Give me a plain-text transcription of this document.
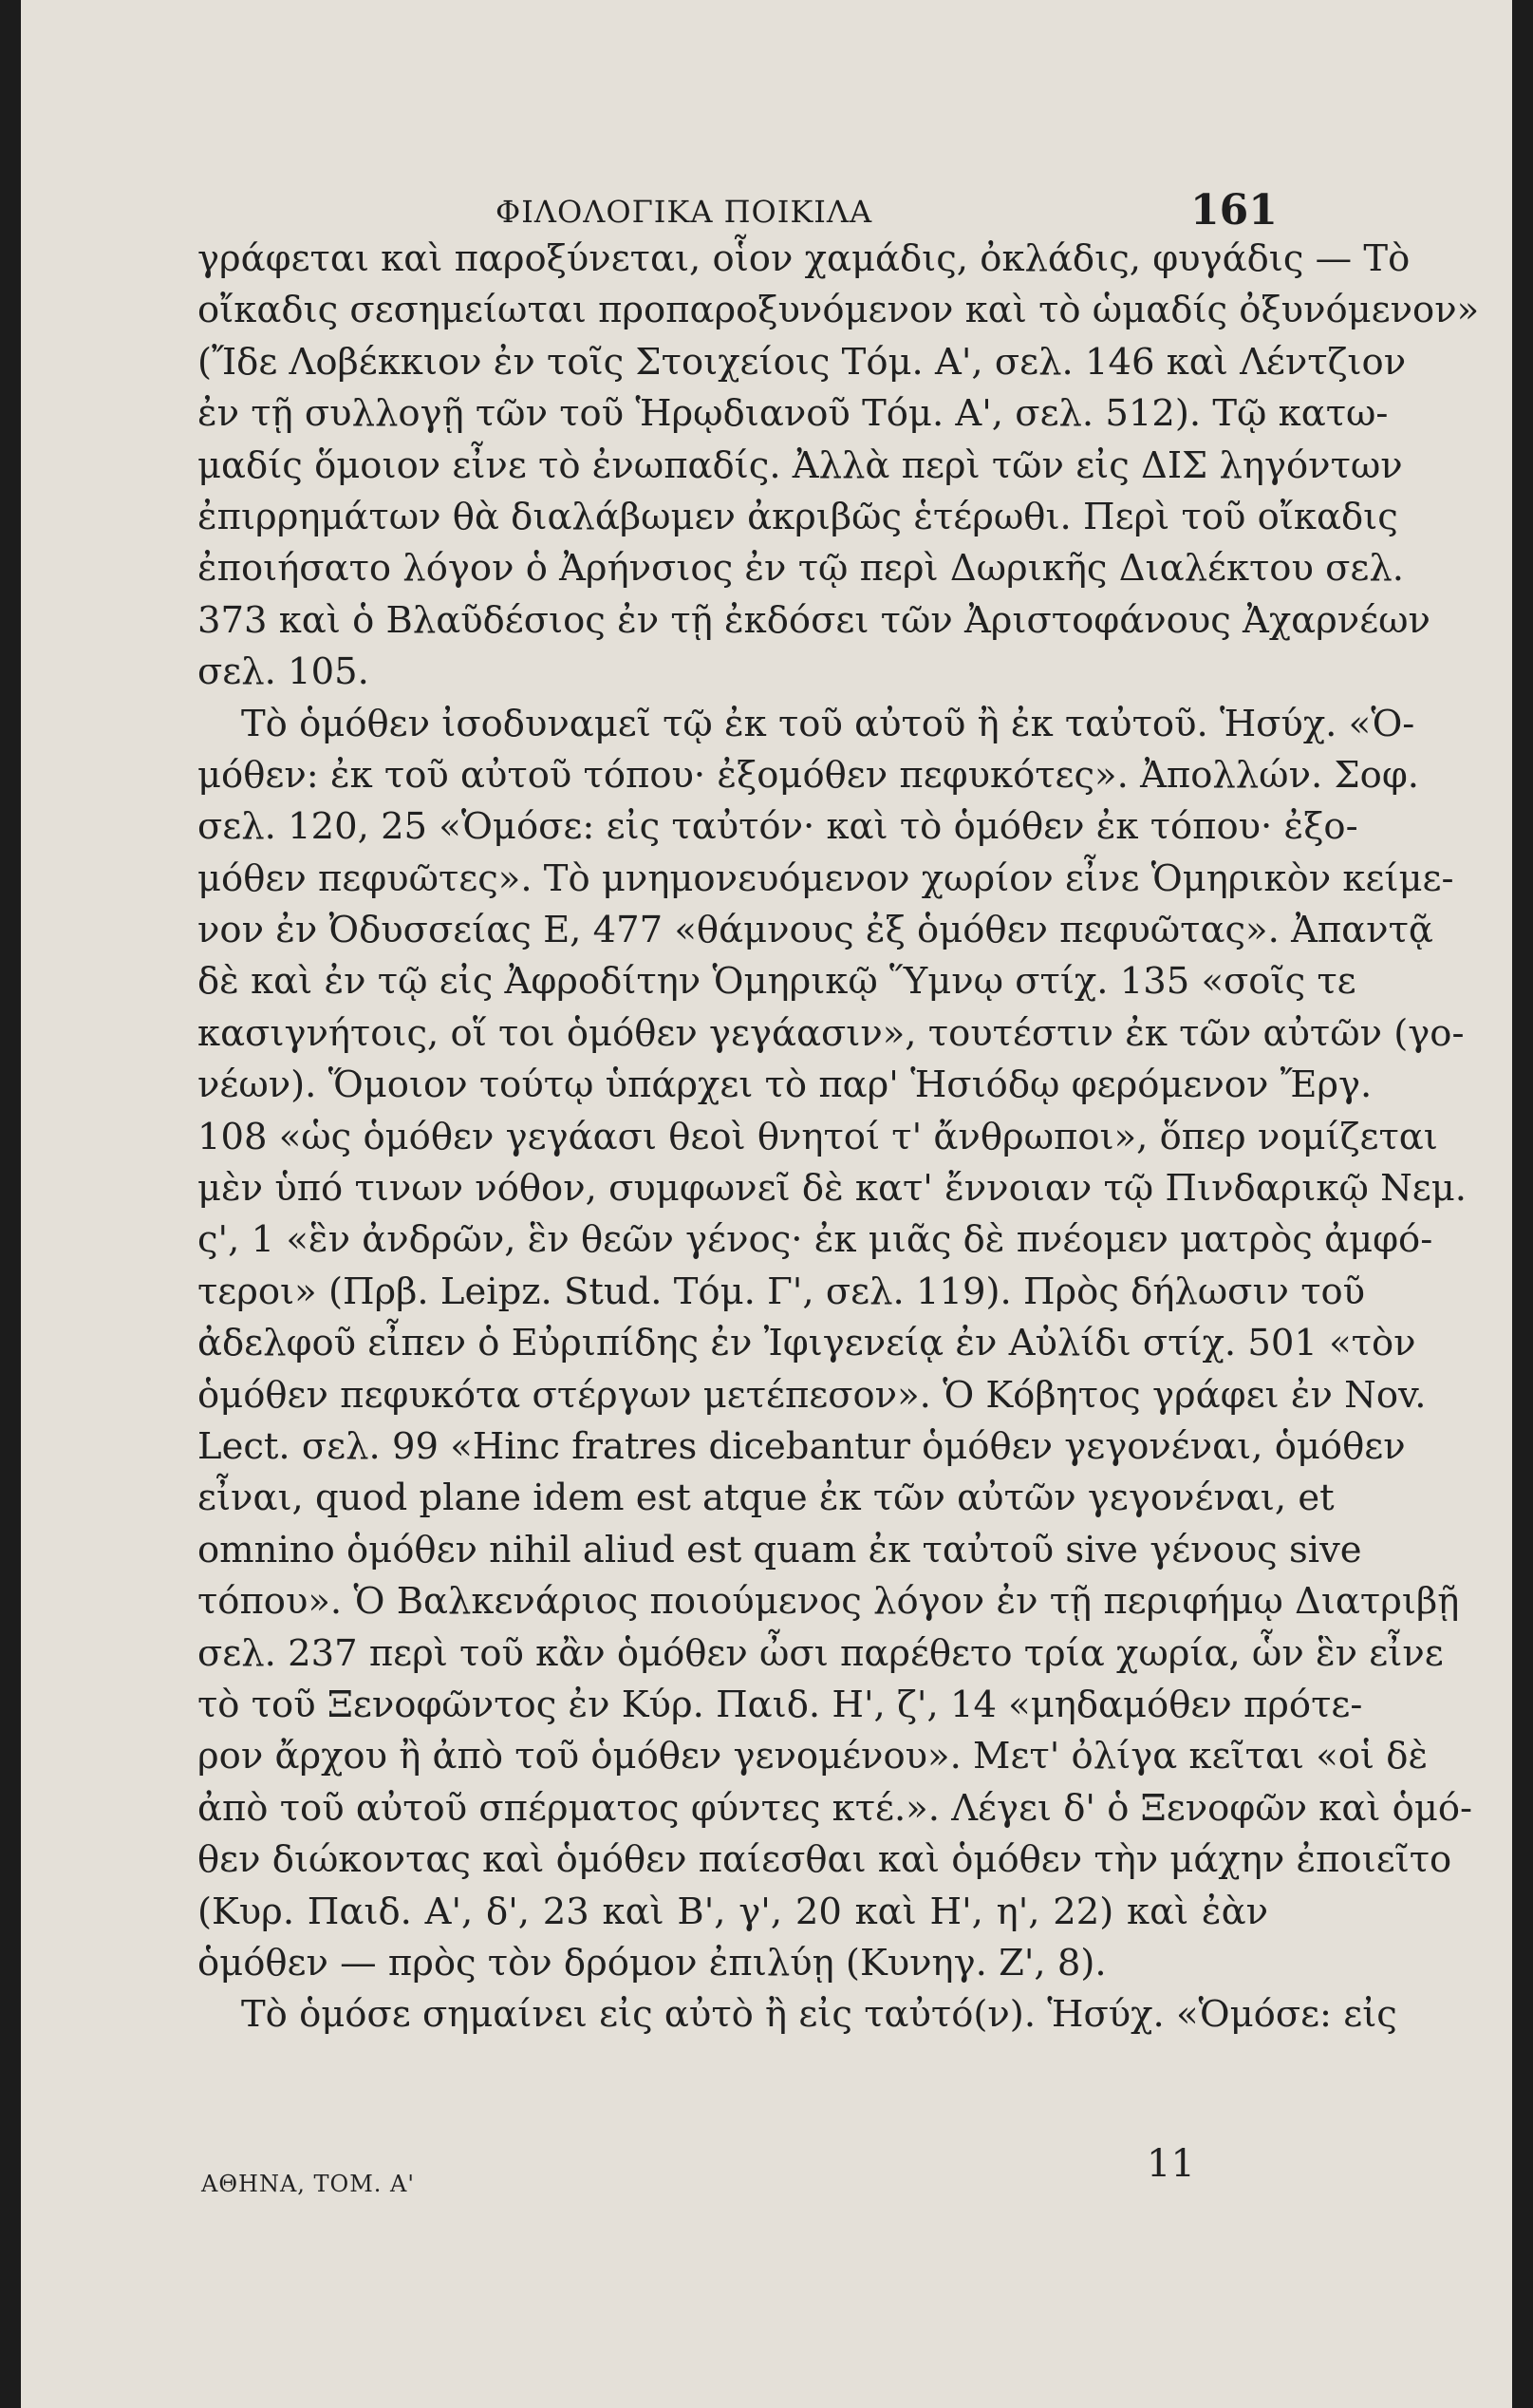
ΦΙΛΟΛΟΓΙΚΑ ΠΟΙΚΙΛΑ	161
γράφεται καὶ παροξύνεται, οἷον χαμάδις, ὀκλάδις, φυγάδις — Τὸ
οἴκαδις σεσημείωται προπαροξυνόμενον καὶ τὸ ὡμαδίς ὀξυνόμενον»
(Ἴδε Λοβέκκιον ἐν τοῖς Στοιχείοις Τόμ. Α', σελ. 146 καὶ Λέντζιον
ἐν τῇ συλλογῇ τῶν τοῦ Ἡρῳδιανοῦ Τόμ. Α', σελ. 512). Τῷ κατω-
μαδίς ὅμοιον εἶνε τὸ ἐνωπαδίς. Ἀλλὰ περὶ τῶν εἰς ΔΙΣ ληγόντων
ἐπιρρημάτων θὰ διαλάβωμεν ἀκριβῶς ἑτέρωθι. Περὶ τοῦ οἴκαδις
ἐποιήσατο λόγον ὁ Ἀρήνσιος ἐν τῷ περὶ Δωρικῆς Διαλέκτου σελ.
373 καὶ ὁ Βλαῦδέσιος ἐν τῇ ἐκδόσει τῶν Ἀριστοφάνους Ἀχαρνέων
σελ. 105.
Τὸ ὁμόθεν ἰσοδυναμεῖ τῷ ἐκ τοῦ αὐτοῦ ἢ ἐκ ταὐτοῦ. Ἡσύχ. «Ὁ-
μόθεν: ἐκ τοῦ αὐτοῦ τόπου· ἐξομόθεν πεφυκότες». Ἀπολλών. Σοφ.
σελ. 120, 25 «Ὁμόσε: εἰς ταὐτόν· καὶ τὸ ὁμόθεν ἐκ τόπου· ἐξο-
μόθεν πεφυῶτες». Τὸ μνημονευόμενον χωρίον εἶνε Ὁμηρικὸν κείμε-
νον ἐν Ὀδυσσείας Ε, 477 «θάμνους ἐξ ὁμόθεν πεφυῶτας». Ἀπαντᾷ
δὲ καὶ ἐν τῷ εἰς Ἀφροδίτην Ὁμηρικῷ Ὕμνῳ στίχ. 135 «σοῖς τε
κασιγνήτοις, οἵ τοι ὁμόθεν γεγάασιν», τουτέστιν ἐκ τῶν αὐτῶν (γο-
νέων). Ὅμοιον τούτῳ ὑπάρχει τὸ παρ' Ἡσιόδῳ φερόμενον Ἔργ.
108 «ὡς ὁμόθεν γεγάασι θεοὶ θνητοί τ' ἄνθρωποι», ὅπερ νομίζεται
μὲν ὑπό τινων νόθον, συμφωνεῖ δὲ κατ' ἔννοιαν τῷ Πινδαρικῷ Νεμ.
ς', 1 «ἓν ἀνδρῶν, ἓν θεῶν γένος· ἐκ μιᾶς δὲ πνέομεν ματρὸς ἀμφό-
τεροι» (Πρβ. Leipz. Stud. Τόμ. Γ', σελ. 119). Πρὸς δήλωσιν τοῦ
ἀδελφοῦ εἶπεν ὁ Εὐριπίδης ἐν Ἰφιγενείᾳ ἐν Αὐλίδι στίχ. 501 «τὸν
ὁμόθεν πεφυκότα στέργων μετέπεσον». Ὁ Κόβητος γράφει ἐν Nov.
Lect. σελ. 99 «Hinc fratres dicebantur ὁμόθεν γεγονέναι, ὁμόθεν
εἶναι, quod plane idem est atque ἐκ τῶν αὐτῶν γεγονέναι, et
omnino ὁμόθεν nihil aliud est quam ἐκ ταὐτοῦ sive γένους sive
τόπου». Ὁ Βαλκενάριος ποιούμενος λόγον ἐν τῇ περιφήμῳ Διατριβῇ
σελ. 237 περὶ τοῦ κἂν ὁμόθεν ὦσι παρέθετο τρία χωρία, ὧν ἓν εἶνε
τὸ τοῦ Ξενοφῶντος ἐν Κύρ. Παιδ. Η', ζ', 14 «μηδαμόθεν πρότε-
ρον ἄρχου ἢ ἀπὸ τοῦ ὁμόθεν γενομένου». Μετ' ὀλίγα κεῖται «οἱ δὲ
ἀπὸ τοῦ αὐτοῦ σπέρματος φύντες κτέ.». Λέγει δ' ὁ Ξενοφῶν καὶ ὁμό-
θεν διώκοντας καὶ ὁμόθεν παίεσθαι καὶ ὁμόθεν τὴν μάχην ἐποιεῖτο
(Κυρ. Παιδ. Α', δ', 23 καὶ Β', γ', 20 καὶ Η', η', 22) καὶ ἐὰν
ὁμόθεν — πρὸς τὸν δρόμον ἐπιλύῃ (Κυνηγ. Ζ', 8).
Τὸ ὁμόσε σημαίνει εἰς αὐτὸ ἢ εἰς ταὐτό(ν). Ἡσύχ. «Ὁμόσε: εἰς
ΑΘΗΝΑ, ΤΟΜ. Α'	11
